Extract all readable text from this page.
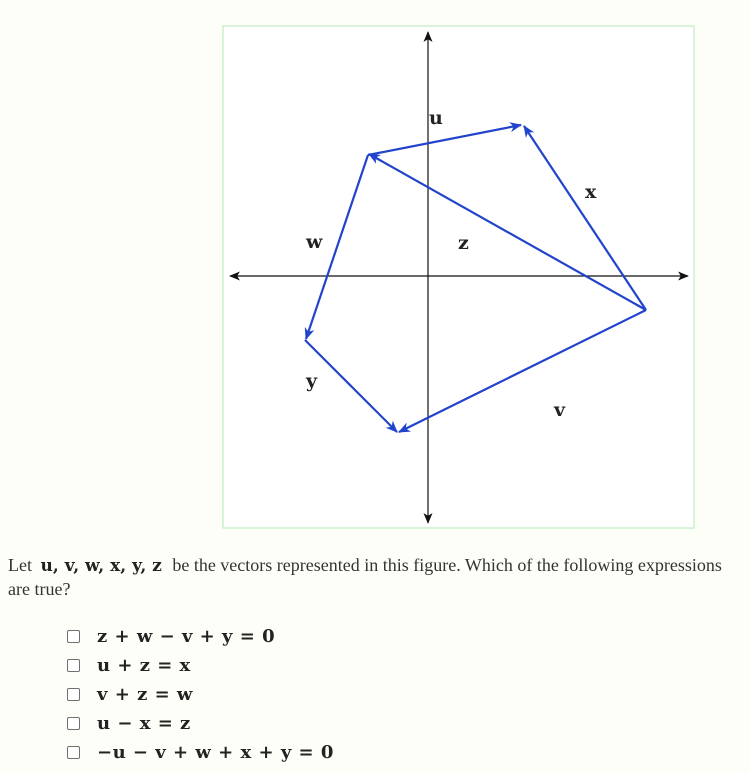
u
x
w	z
y
v
Let u, v, w, x, y, z be the vectors represented in this figure. Which of the following expressions are true?
z + w − v + y = 0
u + z = x
v + z = w
u − x = z
−u − v + w + x + y = 0
